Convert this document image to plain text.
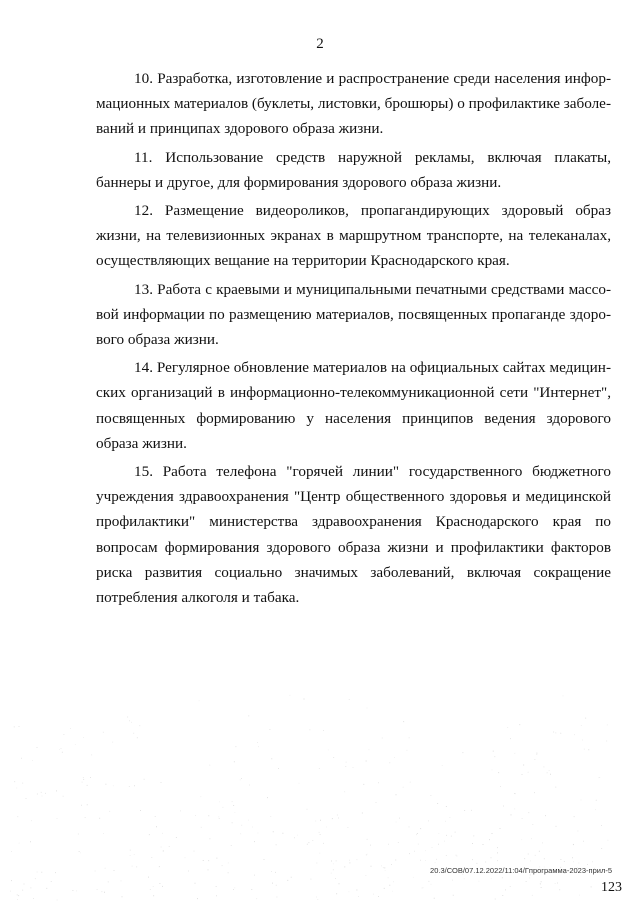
2

10. Разработка, изготовление и распространение среди населения информационных материалов (буклеты, листовки, брошюры) о профилактике заболеваний и принципах здорового образа жизни.

11. Использование средств наружной рекламы, включая плакаты, баннеры и другое, для формирования здорового образа жизни.

12. Размещение видеороликов, пропагандирующих здоровый образ жизни, на телевизионных экранах в маршрутном транспорте, на телеканалах, осуществляющих вещание на территории Краснодарского края.

13. Работа с краевыми и муниципальными печатными средствами массовой информации по размещению материалов, посвященных пропаганде здорового образа жизни.

14. Регулярное обновление материалов на официальных сайтах медицинских организаций в информационно-телекоммуникационной сети "Интернет", посвященных формированию у населения принципов ведения здорового образа жизни.

15. Работа телефона "горячей линии" государственного бюджетного учреждения здравоохранения "Центр общественного здоровья и медицинской профилактики" министерства здравоохранения Краснодарского края по вопросам формирования здорового образа жизни и профилактики факторов риска развития социально значимых заболеваний, включая сокращение потребления алкоголя и табака.

20.3/СОВ/07.12.2022/11:04/Гпрограмма-2023-прил-5
123
